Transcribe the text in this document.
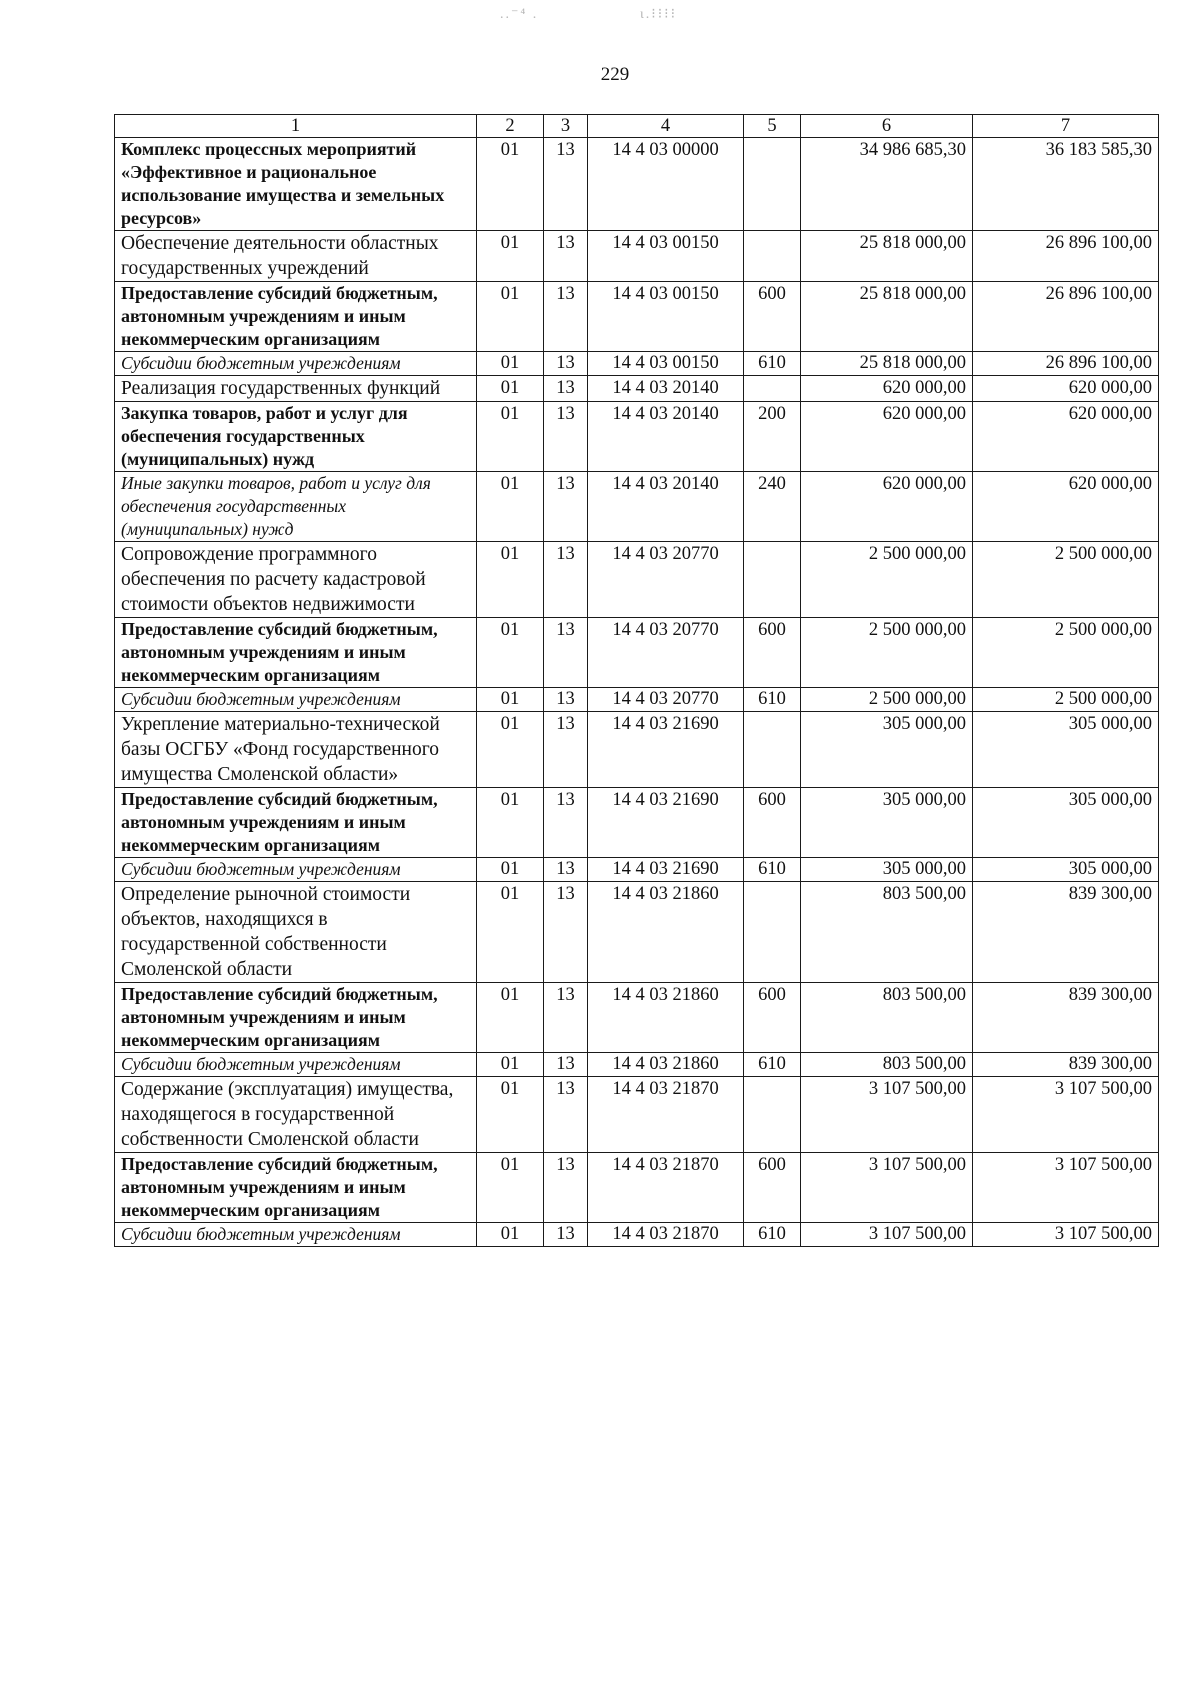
..⁻⁴ .	ι.⁝⁝⁝⁝
229
1	2	3	4	5	6	7
Комплекс процессных мероприятий «Эффективное и рациональное использование имущества и земельных ресурсов»	01	13	14 4 03 00000		34 986 685,30	36 183 585,30
Обеспечение деятельности областных государственных учреждений	01	13	14 4 03 00150		25 818 000,00	26 896 100,00
Предоставление субсидий бюджетным, автономным учреждениям и иным некоммерческим организациям	01	13	14 4 03 00150	600	25 818 000,00	26 896 100,00
Субсидии бюджетным учреждениям	01	13	14 4 03 00150	610	25 818 000,00	26 896 100,00
Реализация государственных функций	01	13	14 4 03 20140		620 000,00	620 000,00
Закупка товаров, работ и услуг для обеспечения государственных (муниципальных) нужд	01	13	14 4 03 20140	200	620 000,00	620 000,00
Иные закупки товаров, работ и услуг для обеспечения государственных (муниципальных) нужд	01	13	14 4 03 20140	240	620 000,00	620 000,00
Сопровождение программного обеспечения по расчету кадастровой стоимости объектов недвижимости	01	13	14 4 03 20770		2 500 000,00	2 500 000,00
Предоставление субсидий бюджетным, автономным учреждениям и иным некоммерческим организациям	01	13	14 4 03 20770	600	2 500 000,00	2 500 000,00
Субсидии бюджетным учреждениям	01	13	14 4 03 20770	610	2 500 000,00	2 500 000,00
Укрепление материально-технической базы ОСГБУ «Фонд государственного имущества Смоленской области»	01	13	14 4 03 21690		305 000,00	305 000,00
Предоставление субсидий бюджетным, автономным учреждениям и иным некоммерческим организациям	01	13	14 4 03 21690	600	305 000,00	305 000,00
Субсидии бюджетным учреждениям	01	13	14 4 03 21690	610	305 000,00	305 000,00
Определение рыночной стоимости объектов, находящихся в государственной собственности Смоленской области	01	13	14 4 03 21860		803 500,00	839 300,00
Предоставление субсидий бюджетным, автономным учреждениям и иным некоммерческим организациям	01	13	14 4 03 21860	600	803 500,00	839 300,00
Субсидии бюджетным учреждениям	01	13	14 4 03 21860	610	803 500,00	839 300,00
Содержание (эксплуатация) имущества, находящегося в государственной собственности Смоленской области	01	13	14 4 03 21870		3 107 500,00	3 107 500,00
Предоставление субсидий бюджетным, автономным учреждениям и иным некоммерческим организациям	01	13	14 4 03 21870	600	3 107 500,00	3 107 500,00
Субсидии бюджетным учреждениям	01	13	14 4 03 21870	610	3 107 500,00	3 107 500,00
